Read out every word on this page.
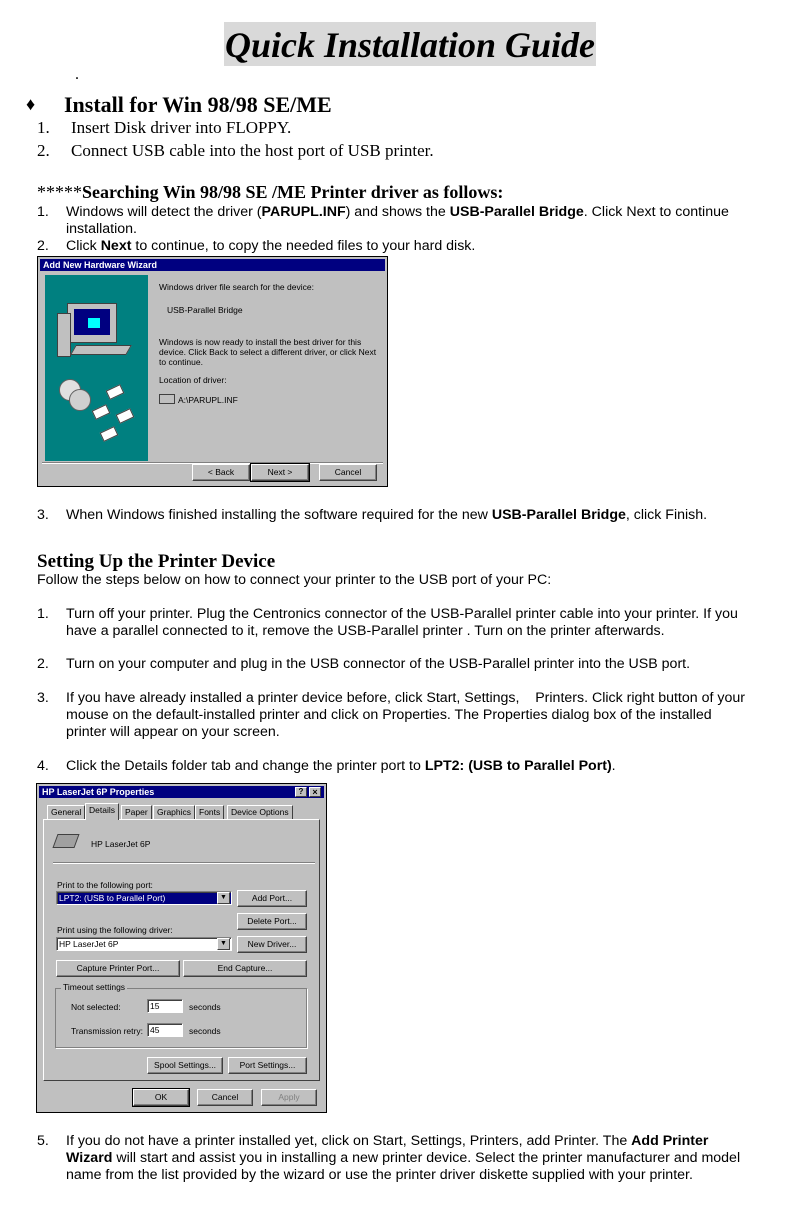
Quick Installation Guide
.
♦ Install for Win 98/98 SE/ME
1. Insert Disk driver into FLOPPY.
2. Connect USB cable into the host port of USB printer.
*****Searching Win 98/98 SE /ME Printer driver as follows:
1. Windows will detect the driver (PARUPL.INF) and shows the USB-Parallel Bridge. Click Next to continue
installation.
2. Click Next to continue, to copy the needed files to your hard disk.
Add New Hardware Wizard
Windows driver file search for the device:
USB-Parallel Bridge
Windows is now ready to install the best driver for this
device. Click Back to select a different driver, or click Next
to continue.
Location of driver:
A:\PARUPL.INF
< Back	Next >	Cancel
3. When Windows finished installing the software required for the new USB-Parallel Bridge, click Finish.
Setting Up the Printer Device
Follow the steps below on how to connect your printer to the USB port of your PC:
1. Turn off your printer. Plug the Centronics connector of the USB-Parallel printer cable into your printer. If you
have a parallel connected to it, remove the USB-Parallel printer . Turn on the printer afterwards.
2. Turn on your computer and plug in the USB connector of the USB-Parallel printer into the USB port.
3. If you have already installed a printer device before, click Start, Settings,    Printers. Click right button of your
mouse on the default-installed printer and click on Properties. The Properties dialog box of the installed
printer will appear on your screen.
4. Click the Details folder tab and change the printer port to LPT2: (USB to Parallel Port).
HP LaserJet 6P Properties	? ×
General Details	Paper	Graphics Fonts	Device Options
HP LaserJet 6P
Print to the following port:
LPT2: (USB to Parallel Port)	▼	Add Port...
Delete Port...
Print using the following driver:
HP LaserJet 6P	▼	New Driver...
Capture Printer Port...	End Capture...
Timeout settings
Not selected:	15	seconds
Transmission retry: 45	seconds
Spool Settings...	Port Settings...
OK	Cancel	Apply
5. If you do not have a printer installed yet, click on Start, Settings, Printers, add Printer. The Add Printer
Wizard will start and assist you in installing a new printer device. Select the printer manufacturer and model
name from the list provided by the wizard or use the printer driver diskette supplied with your printer.
